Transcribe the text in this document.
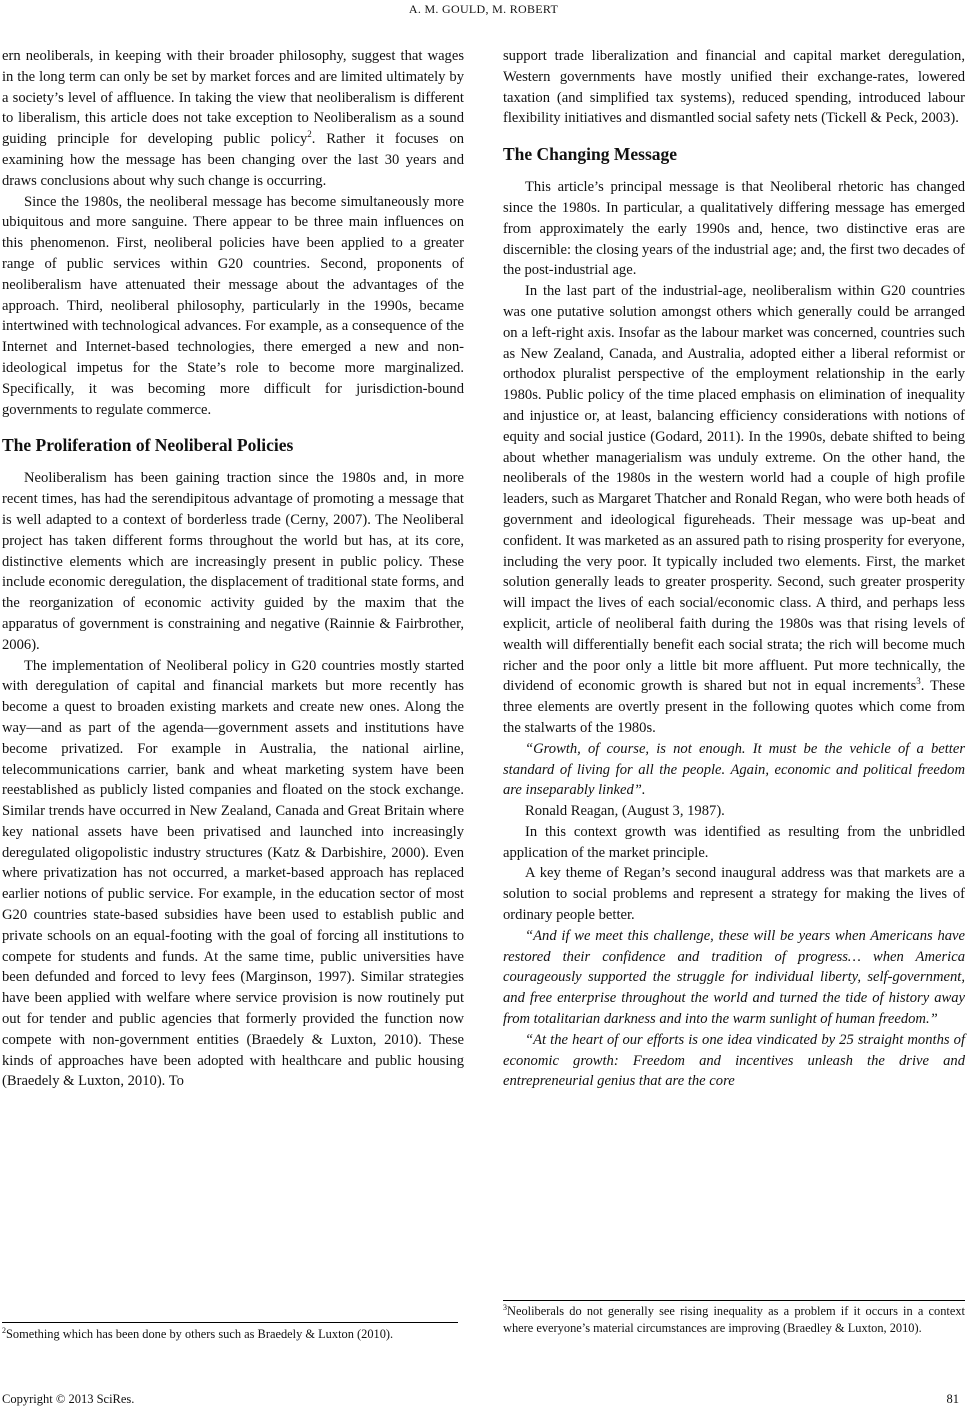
A. M. GOULD, M. ROBERT

ern neoliberals, in keeping with their broader philosophy, suggest that wages in the long term can only be set by market forces and are limited ultimately by a society’s level of affluence. In taking the view that neoliberalism is different to liberalism, this article does not take exception to Neoliberalism as a sound guiding principle for developing public policy$^2$. Rather it focuses on examining how the message has been changing over the last 30 years and draws conclusions about why such change is occurring.

Since the 1980s, the neoliberal message has become simultaneously more ubiquitous and more sanguine. There appear to be three main influences on this phenomenon. First, neoliberal policies have been applied to a greater range of public services within G20 countries. Second, proponents of neoliberalism have attenuated their message about the advantages of the approach. Third, neoliberal philosophy, particularly in the 1990s, became intertwined with technological advances. For example, as a consequence of the Internet and Internet-based technologies, there emerged a new and non-ideological impetus for the State’s role to become more marginalized. Specifically, it was becoming more difficult for jurisdiction-bound governments to regulate commerce.

The Proliferation of Neoliberal Policies

Neoliberalism has been gaining traction since the 1980s and, in more recent times, has had the serendipitous advantage of promoting a message that is well adapted to a context of borderless trade (Cerny, 2007). The Neoliberal project has taken different forms throughout the world but has, at its core, distinctive elements which are increasingly present in public policy. These include economic deregulation, the displacement of traditional state forms, and the reorganization of economic activity guided by the maxim that the apparatus of government is constraining and negative (Rainnie & Fairbrother, 2006).

The implementation of Neoliberal policy in G20 countries mostly started with deregulation of capital and financial markets but more recently has become a quest to broaden existing markets and create new ones. Along the way—and as part of the agenda—government assets and institutions have become privatized. For example in Australia, the national airline, telecommunications carrier, bank and wheat marketing system have been reestablished as publicly listed companies and floated on the stock exchange. Similar trends have occurred in New Zealand, Canada and Great Britain where key national assets have been privatised and launched into increasingly deregulated oligopolistic industry structures (Katz & Darbishire, 2000). Even where privatization has not occurred, a market-based approach has replaced earlier notions of public service. For example, in the education sector of most G20 countries state-based subsidies have been used to establish public and private schools on an equal-footing with the goal of forcing all institutions to compete for students and funds. At the same time, public universities have been defunded and forced to levy fees (Marginson, 1997). Similar strategies have been applied with welfare where service provision is now routinely put out for tender and public agencies that formerly provided the function now compete with non-government entities (Braedely & Luxton, 2010). These kinds of approaches have been adopted with healthcare and public housing (Braedely & Luxton, 2010). To

support trade liberalization and financial and capital market deregulation, Western governments have mostly unified their exchange-rates, lowered taxation (and simplified tax systems), reduced spending, introduced labour flexibility initiatives and dismantled social safety nets (Tickell & Peck, 2003).

The Changing Message

This article’s principal message is that Neoliberal rhetoric has changed since the 1980s. In particular, a qualitatively differing message has emerged from approximately the early 1990s and, hence, two distinctive eras are discernible: the closing years of the industrial age; and, the first two decades of the post-industrial age.

In the last part of the industrial-age, neoliberalism within G20 countries was one putative solution amongst others which generally could be arranged on a left-right axis. Insofar as the labour market was concerned, countries such as New Zealand, Canada, and Australia, adopted either a liberal reformist or orthodox pluralist perspective of the employment relationship in the early 1980s. Public policy of the time placed emphasis on elimination of inequality and injustice or, at least, balancing efficiency considerations with notions of equity and social justice (Godard, 2011). In the 1990s, debate shifted to being about whether managerialism was unduly extreme. On the other hand, the neoliberals of the 1980s in the western world had a couple of high profile leaders, such as Margaret Thatcher and Ronald Regan, who were both heads of government and ideological figureheads. Their message was up-beat and confident. It was marketed as an assured path to rising prosperity for everyone, including the very poor. It typically included two elements. First, the market solution generally leads to greater prosperity. Second, such greater prosperity will impact the lives of each social/economic class. A third, and perhaps less explicit, article of neoliberal faith during the 1980s was that rising levels of wealth will differentially benefit each social strata; the rich will become much richer and the poor only a little bit more affluent. Put more technically, the dividend of economic growth is shared but not in equal increments$^3$. These three elements are overtly present in the following quotes which come from the stalwarts of the 1980s.

“Growth, of course, is not enough. It must be the vehicle of a better standard of living for all the people. Again, economic and political freedom are inseparably linked”.

Ronald Reagan, (August 3, 1987).

In this context growth was identified as resulting from the unbridled application of the market principle.

A key theme of Regan’s second inaugural address was that markets are a solution to social problems and represent a strategy for making the lives of ordinary people better.

“And if we meet this challenge, these will be years when Americans have restored their confidence and tradition of progress… when America courageously supported the struggle for individual liberty, self-government, and free enterprise throughout the world and turned the tide of history away from totalitarian darkness and into the warm sunlight of human freedom.”

“At the heart of our efforts is one idea vindicated by 25 straight months of economic growth: Freedom and incentives unleash the drive and entrepreneurial genius that are the core

$^2$Something which has been done by others such as Braedely & Luxton (2010).
$^3$Neoliberals do not generally see rising inequality as a problem if it occurs in a context where everyone’s material circumstances are improving (Braedley & Luxton, 2010).
Copyright © 2013 SciRes.	81
